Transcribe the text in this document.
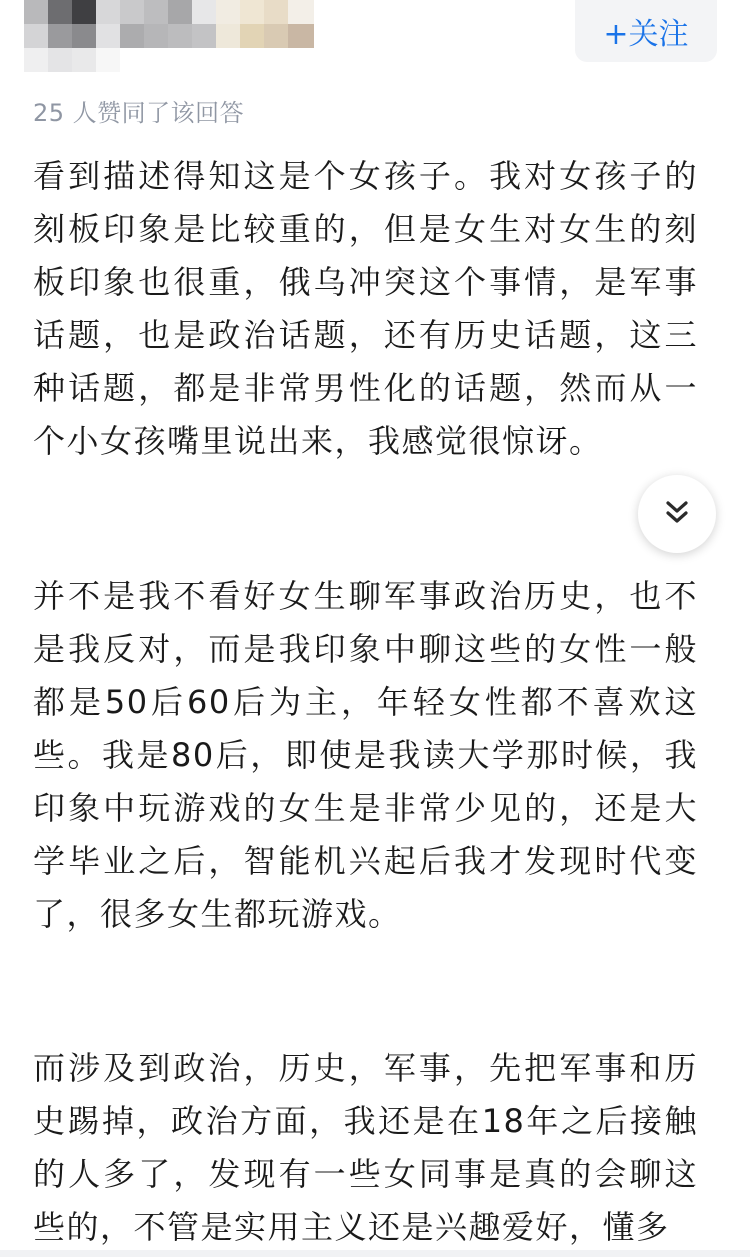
+关注
25 人赞同了该回答

看到描述得知这是个女孩子。我对女孩子的刻板印象是比较重的，但是女生对女生的刻板印象也很重，俄乌冲突这个事情，是军事话题，也是政治话题，还有历史话题，这三种话题，都是非常男性化的话题，然而从一个小女孩嘴里说出来，我感觉很惊讶。

并不是我不看好女生聊军事政治历史，也不是我反对，而是我印象中聊这些的女性一般都是50后60后为主，年轻女性都不喜欢这些。我是80后，即使是我读大学那时候，我印象中玩游戏的女生是非常少见的，还是大学毕业之后，智能机兴起后我才发现时代变了，很多女生都玩游戏。

而涉及到政治，历史，军事，先把军事和历史踢掉，政治方面，我还是在18年之后接触的人多了，发现有一些女同事是真的会聊这些的，不管是实用主义还是兴趣爱好，懂多
